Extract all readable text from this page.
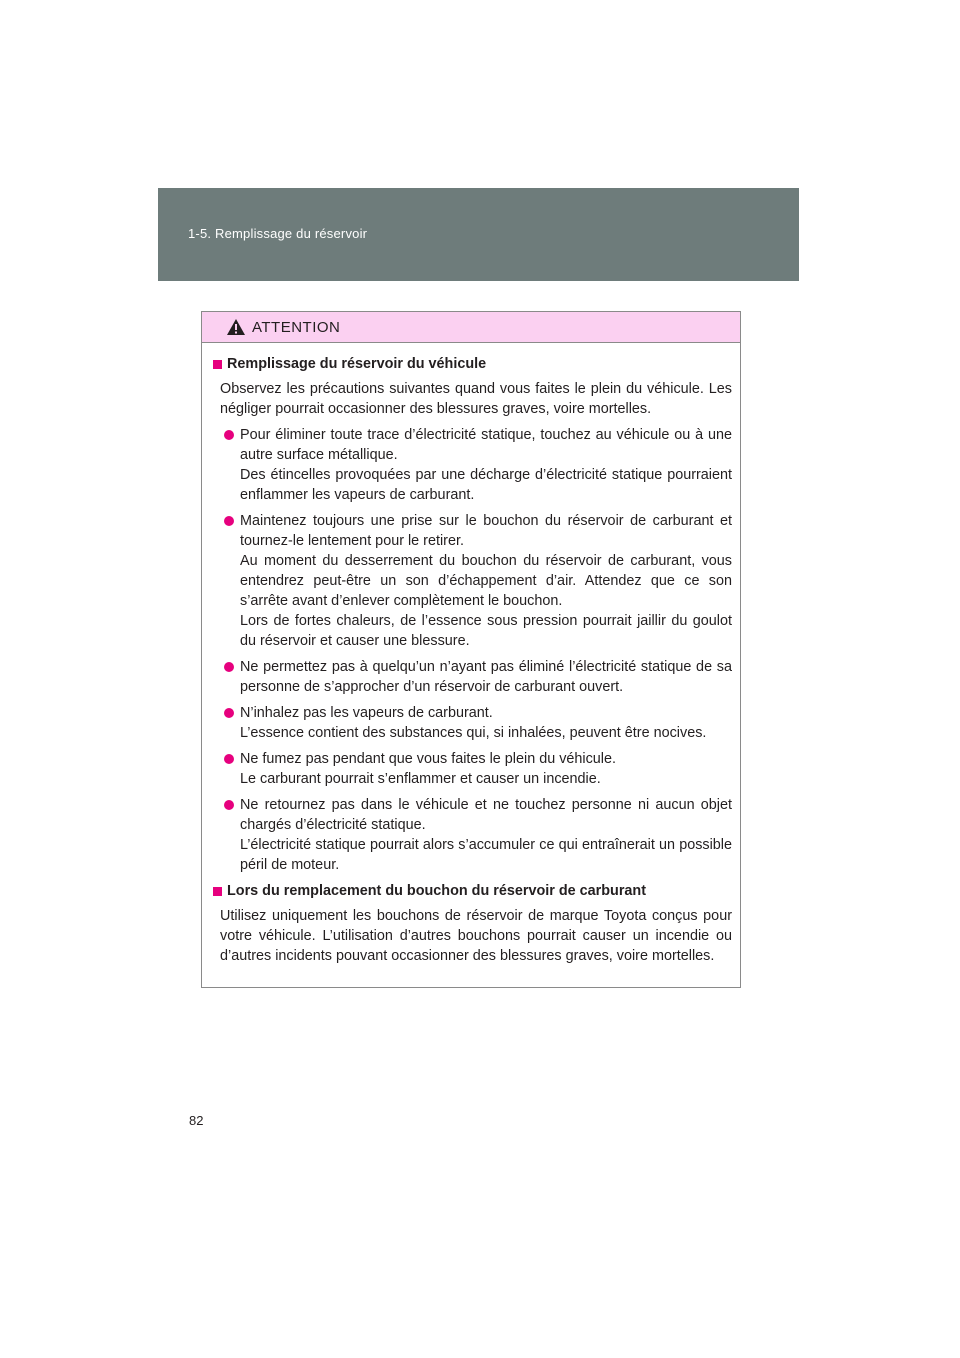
1-5. Remplissage du réservoir
ATTENTION
Remplissage du réservoir du véhicule
Observez les précautions suivantes quand vous faites le plein du véhicule. Les négliger pourrait occasionner des blessures graves, voire mortelles.
Pour éliminer toute trace d’électricité statique, touchez au véhicule ou à une autre surface métallique.
Des étincelles provoquées par une décharge d’électricité statique pourraient enflammer les vapeurs de carburant.
Maintenez toujours une prise sur le bouchon du réservoir de carburant et tournez-le lentement pour le retirer.
Au moment du desserrement du bouchon du réservoir de carburant, vous entendrez peut-être un son d’échappement d’air. Attendez que ce son s’arrête avant d’enlever complètement le bouchon.
Lors de fortes chaleurs, de l’essence sous pression pourrait jaillir du goulot du réservoir et causer une blessure.
Ne permettez pas à quelqu’un n’ayant pas éliminé l’électricité statique de sa personne de s’approcher d’un réservoir de carburant ouvert.
N’inhalez pas les vapeurs de carburant.
L’essence contient des substances qui, si inhalées, peuvent être nocives.
Ne fumez pas pendant que vous faites le plein du véhicule.
Le carburant pourrait s’enflammer et causer un incendie.
Ne retournez pas dans le véhicule et ne touchez personne ni aucun objet chargés d’électricité statique.
L’électricité statique pourrait alors s’accumuler ce qui entraînerait un possible péril de moteur.
Lors du remplacement du bouchon du réservoir de carburant
Utilisez uniquement les bouchons de réservoir de marque Toyota conçus pour votre véhicule. L’utilisation d’autres bouchons pourrait causer un incendie ou d’autres incidents pouvant occasionner des blessures graves, voire mortelles.
82
